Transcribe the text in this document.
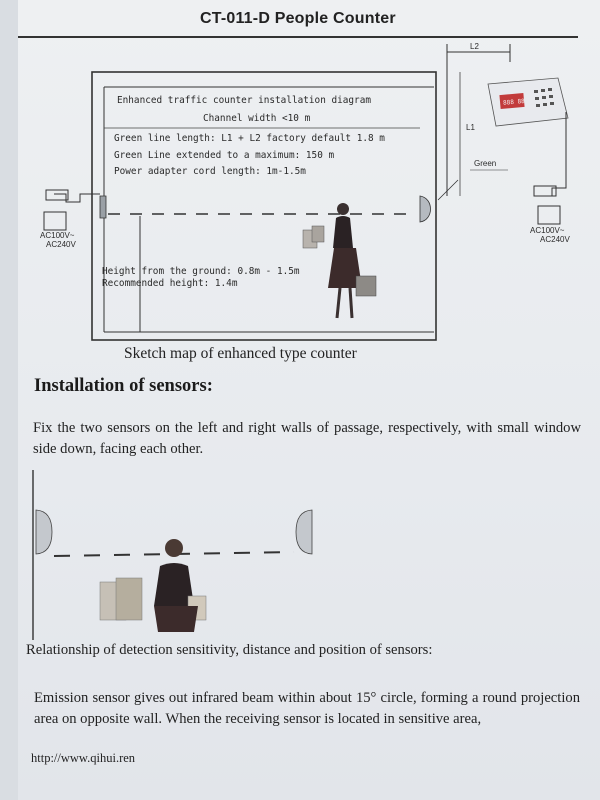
CT-011-D People Counter
Enhanced traffic counter installation diagram
Channel width <10 m
Green line length: L1 + L2 factory default 1.8 m
Green Line extended to a maximum: 150 m
Power adapter cord length: 1m-1.5m
Height from the ground: 0.8m - 1.5m
Recommended height: 1.4m
AC100V~
AC240V
L2
L1
Green
888 88
AC100V~
AC240V
Sketch map of enhanced type counter
Installation of sensors:
Fix the two sensors on the left and right walls of passage, respectively, with small window side down, facing each other.
Relationship of detection sensitivity, distance and position of sensors:
Emission sensor gives out infrared beam within about 15° circle, forming a round projection area on opposite wall. When the receiving sensor is located in sensitive area,
http://www.qihui.ren
